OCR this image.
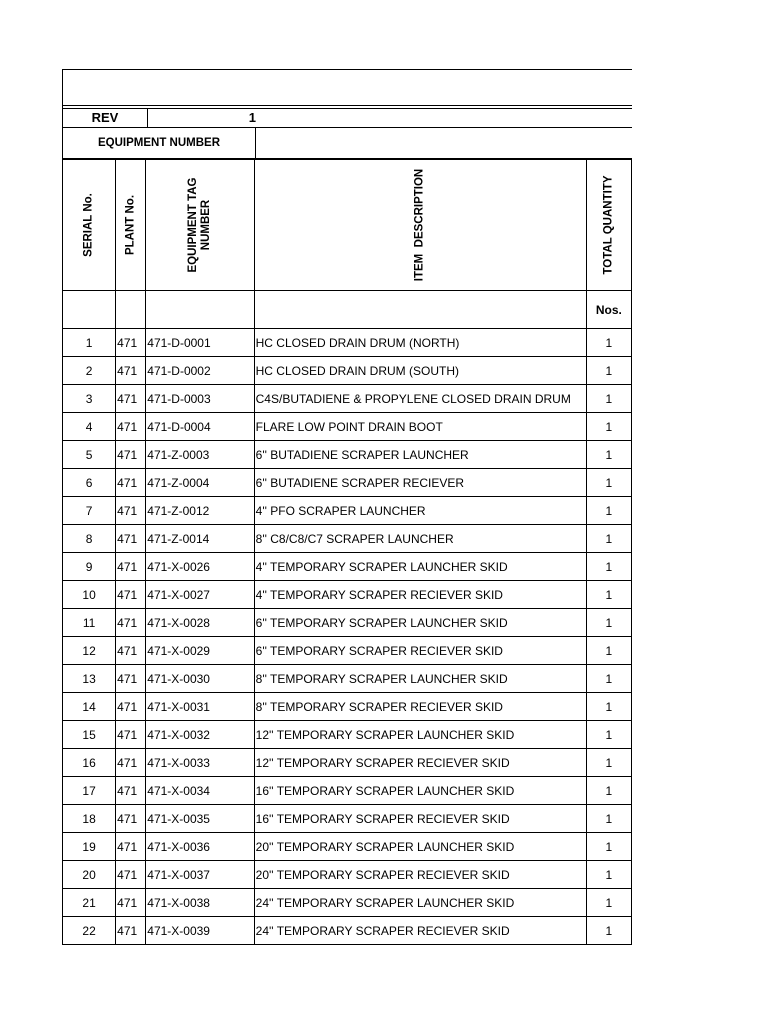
REV	1
EQUIPMENT NUMBER
SERIAL No.	PLANT No.	EQUIPMENT TAG NUMBER	ITEM  DESCRIPTION	TOTAL QUANTITY

				Nos.
1	471	471-D-0001	HC CLOSED DRAIN DRUM (NORTH)	1
2	471	471-D-0002	HC CLOSED DRAIN DRUM (SOUTH)	1
3	471	471-D-0003	C4S/BUTADIENE & PROPYLENE CLOSED DRAIN DRUM	1
4	471	471-D-0004	FLARE LOW POINT DRAIN BOOT	1
5	471	471-Z-0003	6'' BUTADIENE SCRAPER LAUNCHER	1
6	471	471-Z-0004	6'' BUTADIENE SCRAPER RECIEVER	1
7	471	471-Z-0012	4'' PFO SCRAPER LAUNCHER	1
8	471	471-Z-0014	8'' C8/C8/C7 SCRAPER LAUNCHER	1
9	471	471-X-0026	4'' TEMPORARY SCRAPER LAUNCHER SKID	1
10	471	471-X-0027	4'' TEMPORARY SCRAPER RECIEVER SKID	1
11	471	471-X-0028	6'' TEMPORARY SCRAPER LAUNCHER SKID	1
12	471	471-X-0029	6'' TEMPORARY SCRAPER RECIEVER SKID	1
13	471	471-X-0030	8'' TEMPORARY SCRAPER LAUNCHER SKID	1
14	471	471-X-0031	8'' TEMPORARY SCRAPER RECIEVER SKID	1
15	471	471-X-0032	12'' TEMPORARY SCRAPER LAUNCHER SKID	1
16	471	471-X-0033	12'' TEMPORARY SCRAPER RECIEVER SKID	1
17	471	471-X-0034	16'' TEMPORARY SCRAPER LAUNCHER SKID	1
18	471	471-X-0035	16'' TEMPORARY SCRAPER RECIEVER SKID	1
19	471	471-X-0036	20'' TEMPORARY SCRAPER LAUNCHER SKID	1
20	471	471-X-0037	20'' TEMPORARY SCRAPER RECIEVER SKID	1
21	471	471-X-0038	24'' TEMPORARY SCRAPER LAUNCHER SKID	1
22	471	471-X-0039	24'' TEMPORARY SCRAPER RECIEVER SKID	1
